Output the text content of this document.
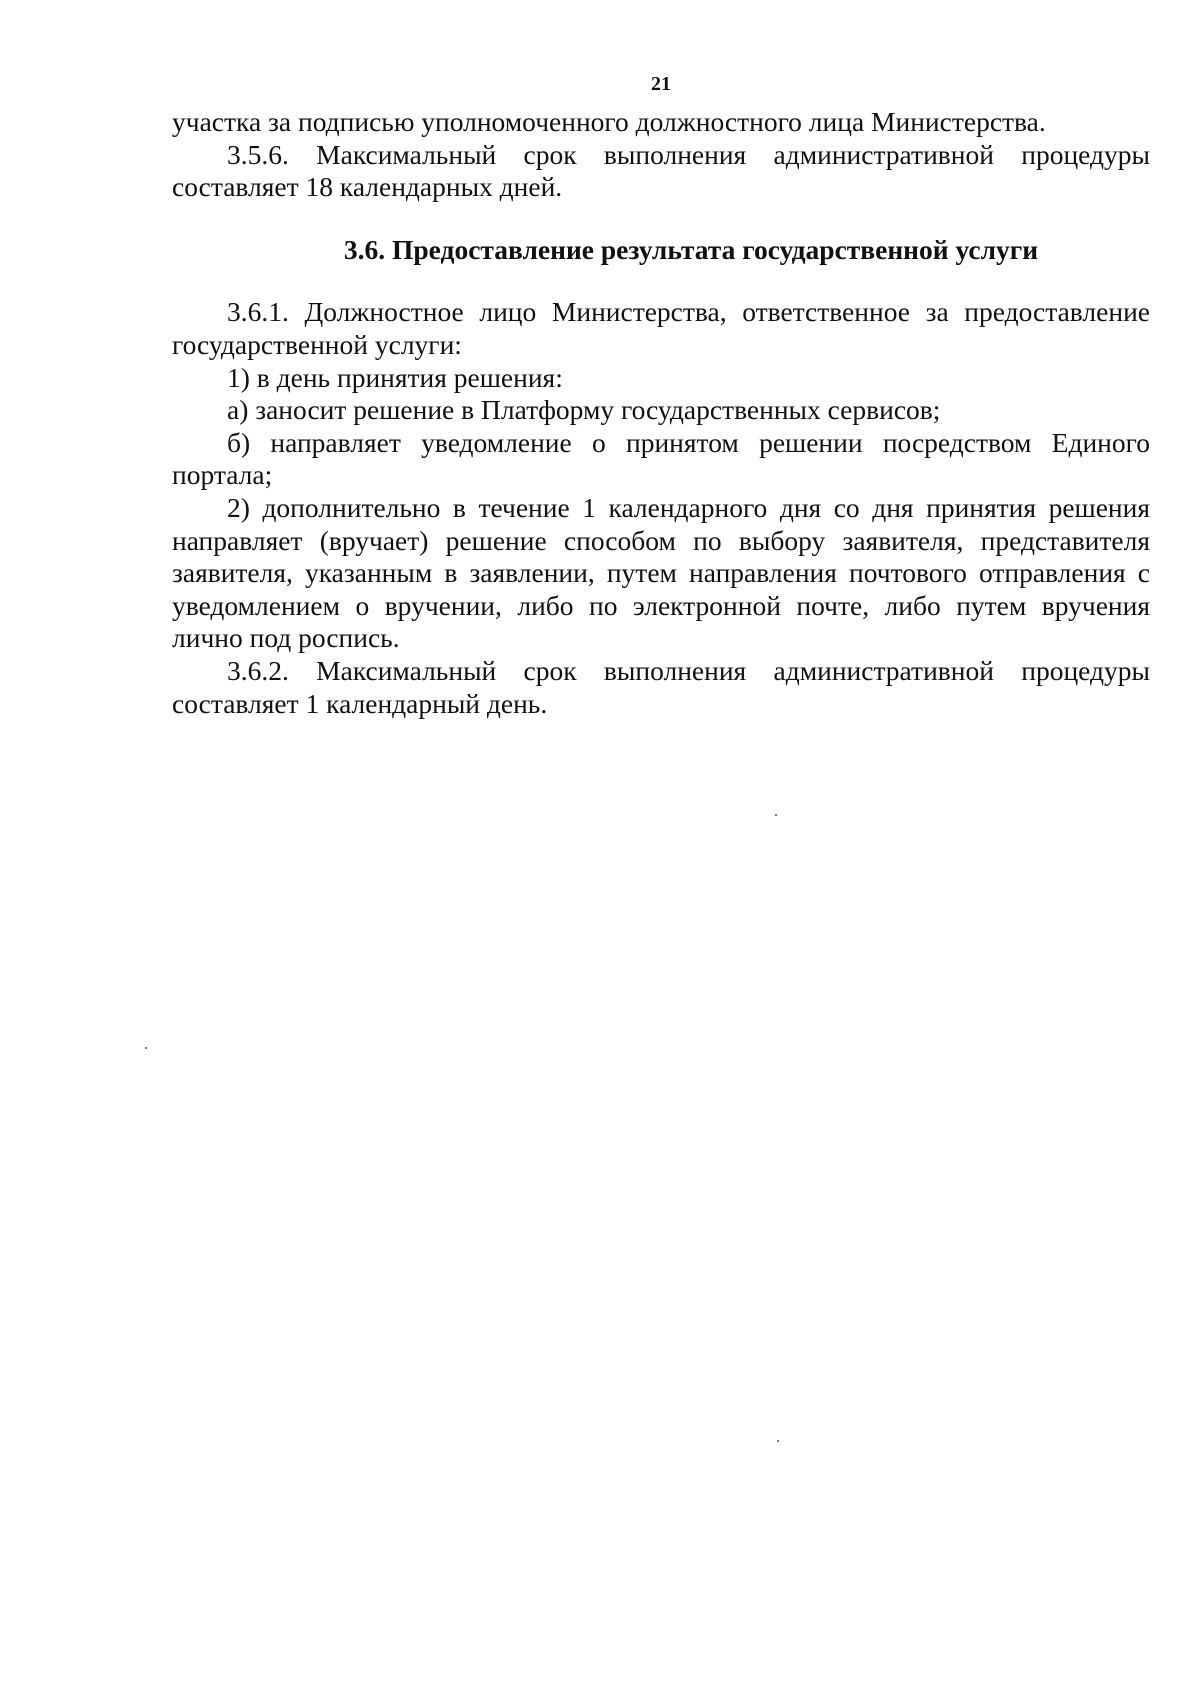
21
участка за подписью уполномоченного должностного лица Министерства.
3.5.6. Максимальный срок выполнения административной процедуры
составляет 18 календарных дней.
3.6. Предоставление результата государственной услуги
3.6.1. Должностное лицо Министерства, ответственное за предоставление
государственной услуги:
1) в день принятия решения:
а) заносит решение в Платформу государственных сервисов;
б) направляет уведомление о принятом решении посредством Единого
портала;
2) дополнительно в течение 1 календарного дня со дня принятия решения
направляет (вручает) решение способом по выбору заявителя, представителя
заявителя, указанным в заявлении, путем направления почтового отправления с
уведомлением о вручении, либо по электронной почте, либо путем вручения
лично под роспись.
3.6.2. Максимальный срок выполнения административной процедуры
составляет 1 календарный день.
